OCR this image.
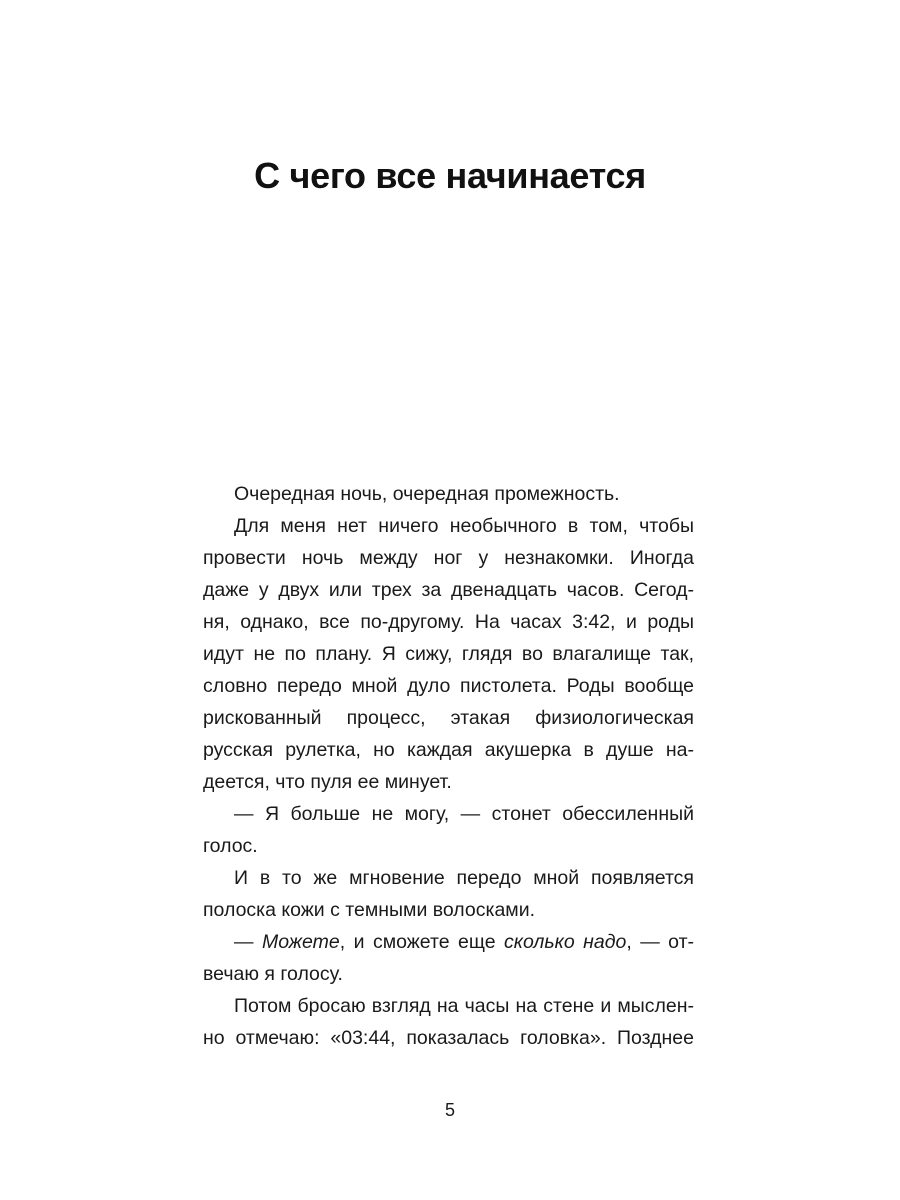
С чего все начинается
Очередная ночь, очередная промежность.
Для меня нет ничего необычного в том, чтобы
провести ночь между ног у незнакомки. Иногда
даже у двух или трех за двенадцать часов. Сегод-
ня, однако, все по-другому. На часах 3:42, и роды
идут не по плану. Я сижу, глядя во влагалище так,
словно передо мной дуло пистолета. Роды вообще
рискованный процесс, этакая физиологическая
русская рулетка, но каждая акушерка в душе на-
деется, что пуля ее минует.
— Я больше не могу, — стонет обессиленный
голос.
И в то же мгновение передо мной появляется
полоска кожи с темными волосками.
— Можете, и сможете еще сколько надо, — от-
вечаю я голосу.
Потом бросаю взгляд на часы на стене и мыслен-
но отмечаю: «03:44, показалась головка». Позднее
5
